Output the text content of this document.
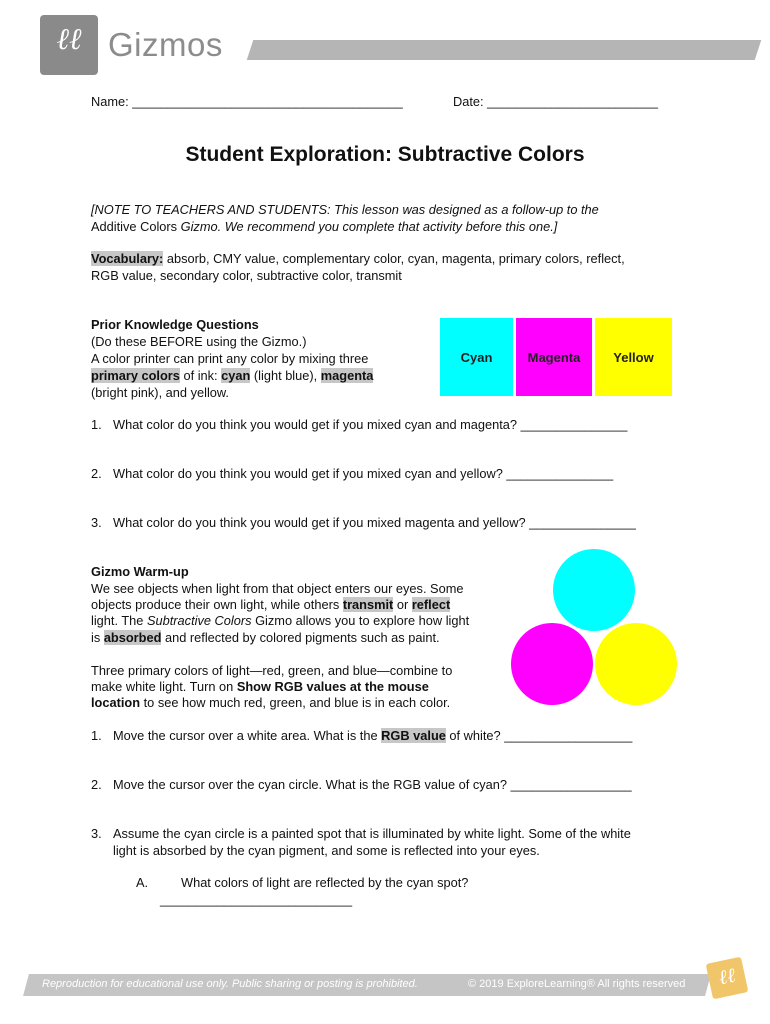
ℓℓ Gizmos
Name: ______________________________________	Date: ________________________
Student Exploration: Subtractive Colors
[NOTE TO TEACHERS AND STUDENTS: This lesson was designed as a follow-up to the
Additive Colors Gizmo. We recommend you complete that activity before this one.]
Vocabulary: absorb, CMY value, complementary color, cyan, magenta, primary colors, reflect,
RGB value, secondary color, subtractive color, transmit
Prior Knowledge Questions
(Do these BEFORE using the Gizmo.)
A color printer can print any color by mixing three
primary colors of ink: cyan (light blue), magenta
(bright pink), and yellow.
Cyan	Magenta	Yellow
1. What color do you think you would get if you mixed cyan and magenta? _______________
2. What color do you think you would get if you mixed cyan and yellow? _______________
3. What color do you think you would get if you mixed magenta and yellow? _______________
Gizmo Warm-up
We see objects when light from that object enters our eyes. Some
objects produce their own light, while others transmit or reflect
light. The Subtractive Colors Gizmo allows you to explore how light
is absorbed and reflected by colored pigments such as paint.
Three primary colors of light—red, green, and blue—combine to
make white light. Turn on Show RGB values at the mouse
location to see how much red, green, and blue is in each color.
1. Move the cursor over a white area. What is the RGB value of white? __________________
2. Move the cursor over the cyan circle. What is the RGB value of cyan? _________________
3. Assume the cyan circle is a painted spot that is illuminated by white light. Some of the white
light is absorbed by the cyan pigment, and some is reflected into your eyes.
A.	What colors of light are reflected by the cyan spot?
___________________________
Reproduction for educational use only. Public sharing or posting is prohibited.	© 2019 ExploreLearning® All rights reserved	ℓℓ
